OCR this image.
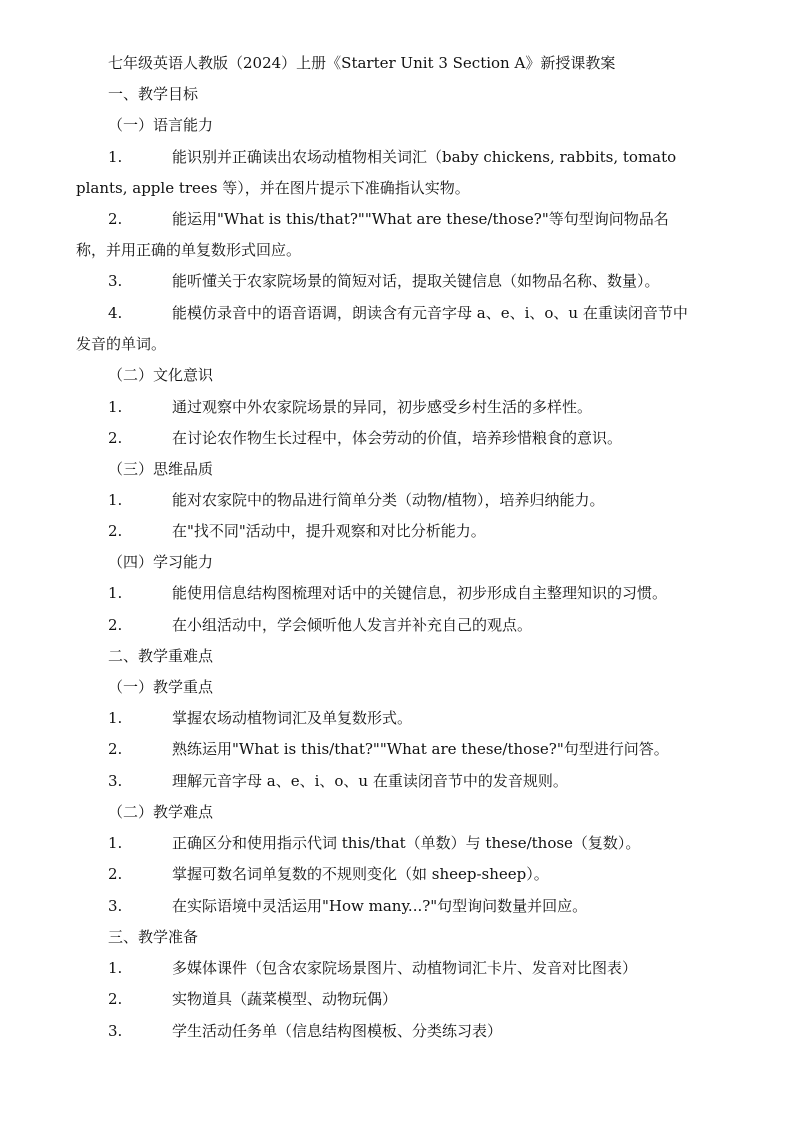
七年级英语人教版（2024）上册《Starter Unit 3 Section A》新授课教案
一、教学目标
（一）语言能力
1.	能识别并正确读出农场动植物相关词汇（baby chickens, rabbits, tomato
plants, apple trees 等），并在图片提示下准确指认实物。
2.	能运用"What is this/that?""What are these/those?"等句型询问物品名
称，并用正确的单复数形式回应。
3.	能听懂关于农家院场景的简短对话，提取关键信息（如物品名称、数量）。
4.	能模仿录音中的语音语调，朗读含有元音字母 a、e、i、o、u 在重读闭音节中
发音的单词。
（二）文化意识
1.	通过观察中外农家院场景的异同，初步感受乡村生活的多样性。
2.	在讨论农作物生长过程中，体会劳动的价值，培养珍惜粮食的意识。
（三）思维品质
1.	能对农家院中的物品进行简单分类（动物/植物），培养归纳能力。
2.	在"找不同"活动中，提升观察和对比分析能力。
（四）学习能力
1.	能使用信息结构图梳理对话中的关键信息，初步形成自主整理知识的习惯。
2.	在小组活动中，学会倾听他人发言并补充自己的观点。
二、教学重难点
（一）教学重点
1.	掌握农场动植物词汇及单复数形式。
2.	熟练运用"What is this/that?""What are these/those?"句型进行问答。
3.	理解元音字母 a、e、i、o、u 在重读闭音节中的发音规则。
（二）教学难点
1.	正确区分和使用指示代词 this/that（单数）与 these/those（复数）。
2.	掌握可数名词单复数的不规则变化（如 sheep-sheep）。
3.	在实际语境中灵活运用"How many...?"句型询问数量并回应。
三、教学准备
1.	多媒体课件（包含农家院场景图片、动植物词汇卡片、发音对比图表）
2.	实物道具（蔬菜模型、动物玩偶）
3.	学生活动任务单（信息结构图模板、分类练习表）
